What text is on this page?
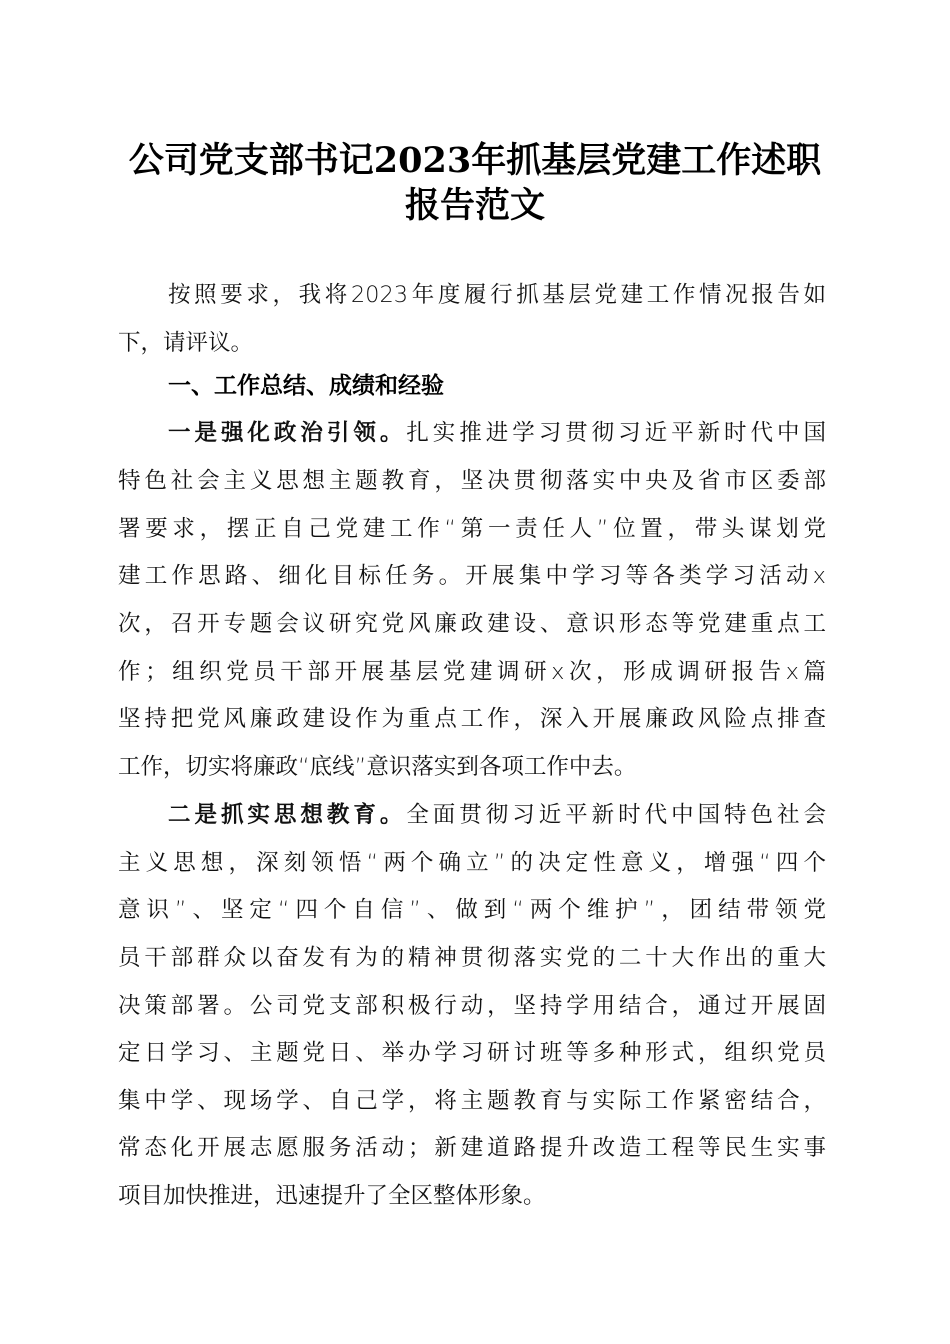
公司党支部书记2023年抓基层党建工作述职
报告范文
按照要求，我将2023年度履行抓基层党建工作情况报告如
下，请评议。
一、工作总结、成绩和经验
一是强化政治引领。扎实推进学习贯彻习近平新时代中国
特色社会主义思想主题教育，坚决贯彻落实中央及省市区委部
署要求，摆正自己党建工作“第一责任人”位置，带头谋划党
建工作思路、细化目标任务。开展集中学习等各类学习活动x
次，召开专题会议研究党风廉政建设、意识形态等党建重点工
作；组织党员干部开展基层党建调研x次，形成调研报告x篇
坚持把党风廉政建设作为重点工作，深入开展廉政风险点排查
工作，切实将廉政“底线”意识落实到各项工作中去。
二是抓实思想教育。全面贯彻习近平新时代中国特色社会
主义思想，深刻领悟“两个确立”的决定性意义，增强“四个
意识”、坚定“四个自信”、做到“两个维护”，团结带领党
员干部群众以奋发有为的精神贯彻落实党的二十大作出的重大
决策部署。公司党支部积极行动，坚持学用结合，通过开展固
定日学习、主题党日、举办学习研讨班等多种形式，组织党员
集中学、现场学、自己学，将主题教育与实际工作紧密结合，
常态化开展志愿服务活动；新建道路提升改造工程等民生实事
项目加快推进，迅速提升了全区整体形象。
